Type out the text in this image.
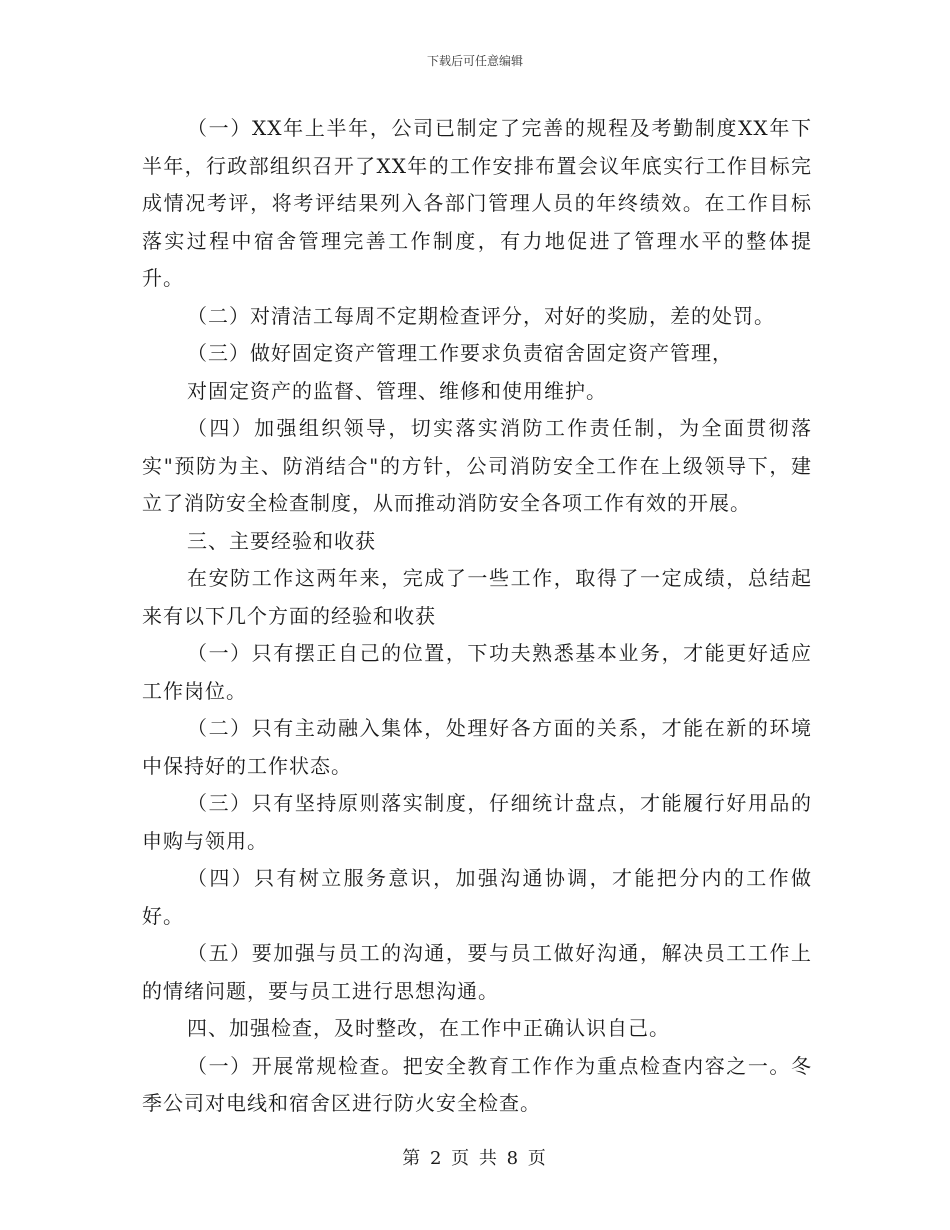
下载后可任意编辑

（一）XX年上半年，公司已制定了完善的规程及考勤制度XX年下半年，行政部组织召开了XX年的工作安排布置会议年底实行工作目标完成情况考评，将考评结果列入各部门管理人员的年终绩效。在工作目标落实过程中宿舍管理完善工作制度，有力地促进了管理水平的整体提升。

（二）对清洁工每周不定期检查评分，对好的奖励，差的处罚。

（三）做好固定资产管理工作要求负责宿舍固定资产管理，

对固定资产的监督、管理、维修和使用维护。

（四）加强组织领导，切实落实消防工作责任制，为全面贯彻落实"预防为主、防消结合"的方针，公司消防安全工作在上级领导下，建立了消防安全检查制度，从而推动消防安全各项工作有效的开展。

三、主要经验和收获

在安防工作这两年来，完成了一些工作，取得了一定成绩，总结起来有以下几个方面的经验和收获

（一）只有摆正自己的位置，下功夫熟悉基本业务，才能更好适应工作岗位。

（二）只有主动融入集体，处理好各方面的关系，才能在新的环境中保持好的工作状态。

（三）只有坚持原则落实制度，仔细统计盘点，才能履行好用品的申购与领用。

（四）只有树立服务意识，加强沟通协调，才能把分内的工作做好。

（五）要加强与员工的沟通，要与员工做好沟通，解决员工工作上的情绪问题，要与员工进行思想沟通。

四、加强检查，及时整改，在工作中正确认识自己。

（一）开展常规检查。把安全教育工作作为重点检查内容之一。冬季公司对电线和宿舍区进行防火安全检查。

第 2 页 共 8 页
